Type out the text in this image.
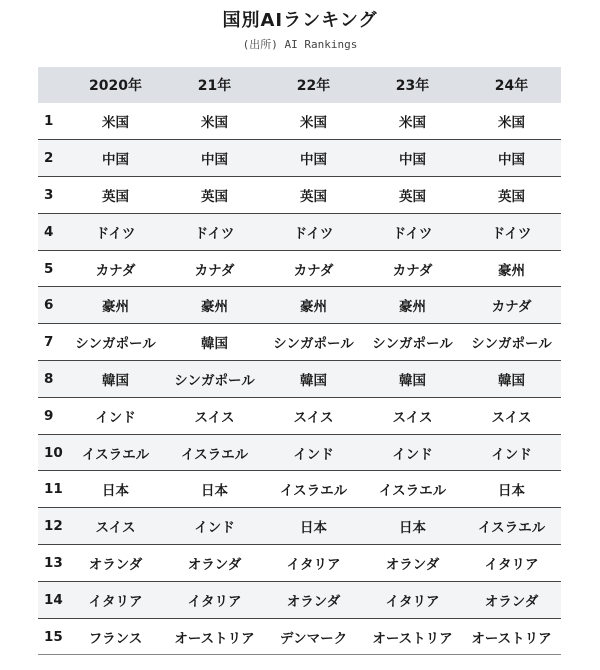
国別AIランキング
(出所) AI Rankings
	2020年	21年	22年	23年	24年
1	米国	米国	米国	米国	米国
2	中国	中国	中国	中国	中国
3	英国	英国	英国	英国	英国
4	ドイツ	ドイツ	ドイツ	ドイツ	ドイツ
5	カナダ	カナダ	カナダ	カナダ	豪州
6	豪州	豪州	豪州	豪州	カナダ
7	シンガポール	韓国	シンガポール	シンガポール	シンガポール
8	韓国	シンガポール	韓国	韓国	韓国
9	インド	スイス	スイス	スイス	スイス
10	イスラエル	イスラエル	インド	インド	インド
11	日本	日本	イスラエル	イスラエル	日本
12	スイス	インド	日本	日本	イスラエル
13	オランダ	オランダ	イタリア	オランダ	イタリア
14	イタリア	イタリア	オランダ	イタリア	オランダ
15	フランス	オーストリア	デンマーク	オーストリア	オーストリア
